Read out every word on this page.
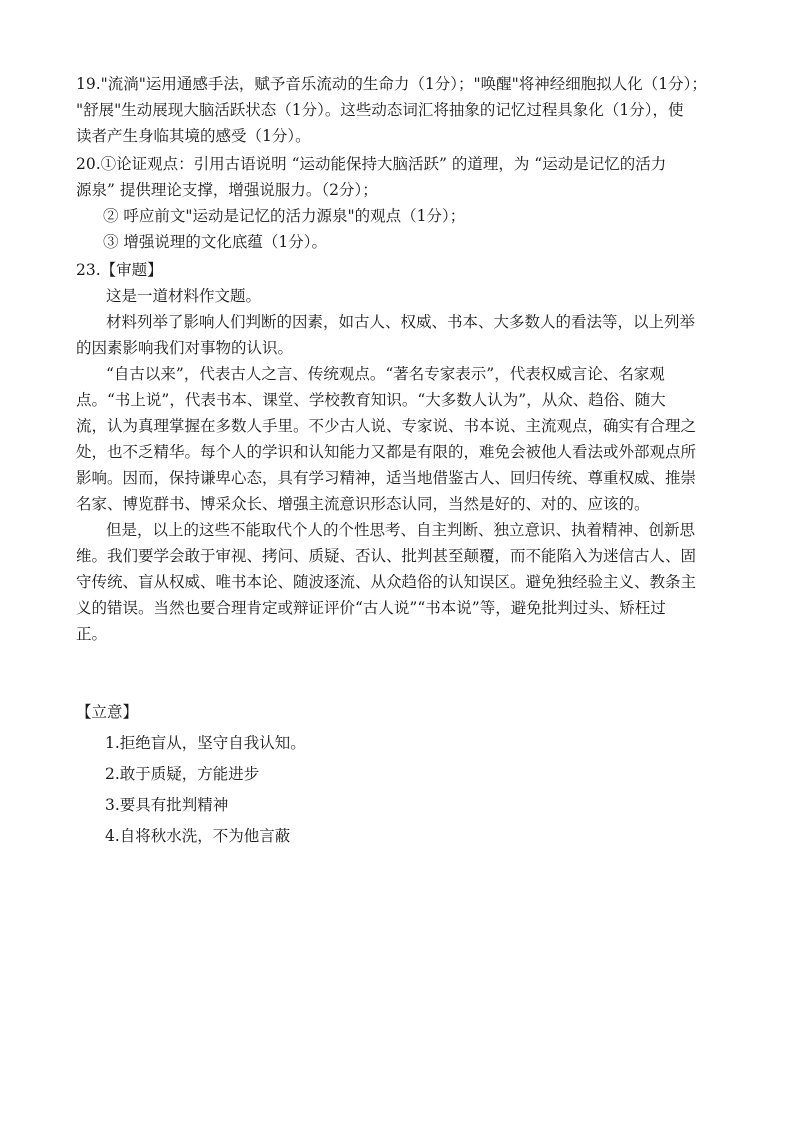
19."流淌"运用通感手法，赋予音乐流动的生命力（1分）；"唤醒"将神经细胞拟人化（1分）；

"舒展"生动展现大脑活跃状态（1分）。这些动态词汇将抽象的记忆过程具象化（1分），使

读者产生身临其境的感受（1分）。

20.①论证观点：引用古语说明 “运动能保持大脑活跃” 的道理，为 “运动是记忆的活力

源泉” 提供理论支撑，增强说服力。（2分）；

② 呼应前文"运动是记忆的活力源泉"的观点（1分）；

③ 增强说理的文化底蕴（1分）。

23.【审题】

这是一道材料作文题。

材料列举了影响人们判断的因素，如古人、权威、书本、大多数人的看法等，以上列举

的因素影响我们对事物的认识。

“自古以来”，代表古人之言、传统观点。“著名专家表示”，代表权威言论、名家观

点。“书上说”，代表书本、课堂、学校教育知识。“大多数人认为”，从众、趋俗、随大

流，认为真理掌握在多数人手里。不少古人说、专家说、书本说、主流观点，确实有合理之

处，也不乏精华。每个人的学识和认知能力又都是有限的，难免会被他人看法或外部观点所

影响。因而，保持谦卑心态，具有学习精神，适当地借鉴古人、回归传统、尊重权威、推崇

名家、博览群书、博采众长、增强主流意识形态认同，当然是好的、对的、应该的。

但是，以上的这些不能取代个人的个性思考、自主判断、独立意识、执着精神、创新思

维。我们要学会敢于审视、拷问、质疑、否认、批判甚至颠覆，而不能陷入为迷信古人、固

守传统、盲从权威、唯书本论、随波逐流、从众趋俗的认知误区。避免独经验主义、教条主

义的错误。当然也要合理肯定或辩证评价“古人说”“书本说”等，避免批判过头、矫枉过

正。

【立意】

1.拒绝盲从，坚守自我认知。

2.敢于质疑，方能进步

3.要具有批判精神

4.自将秋水洗，不为他言蔽
